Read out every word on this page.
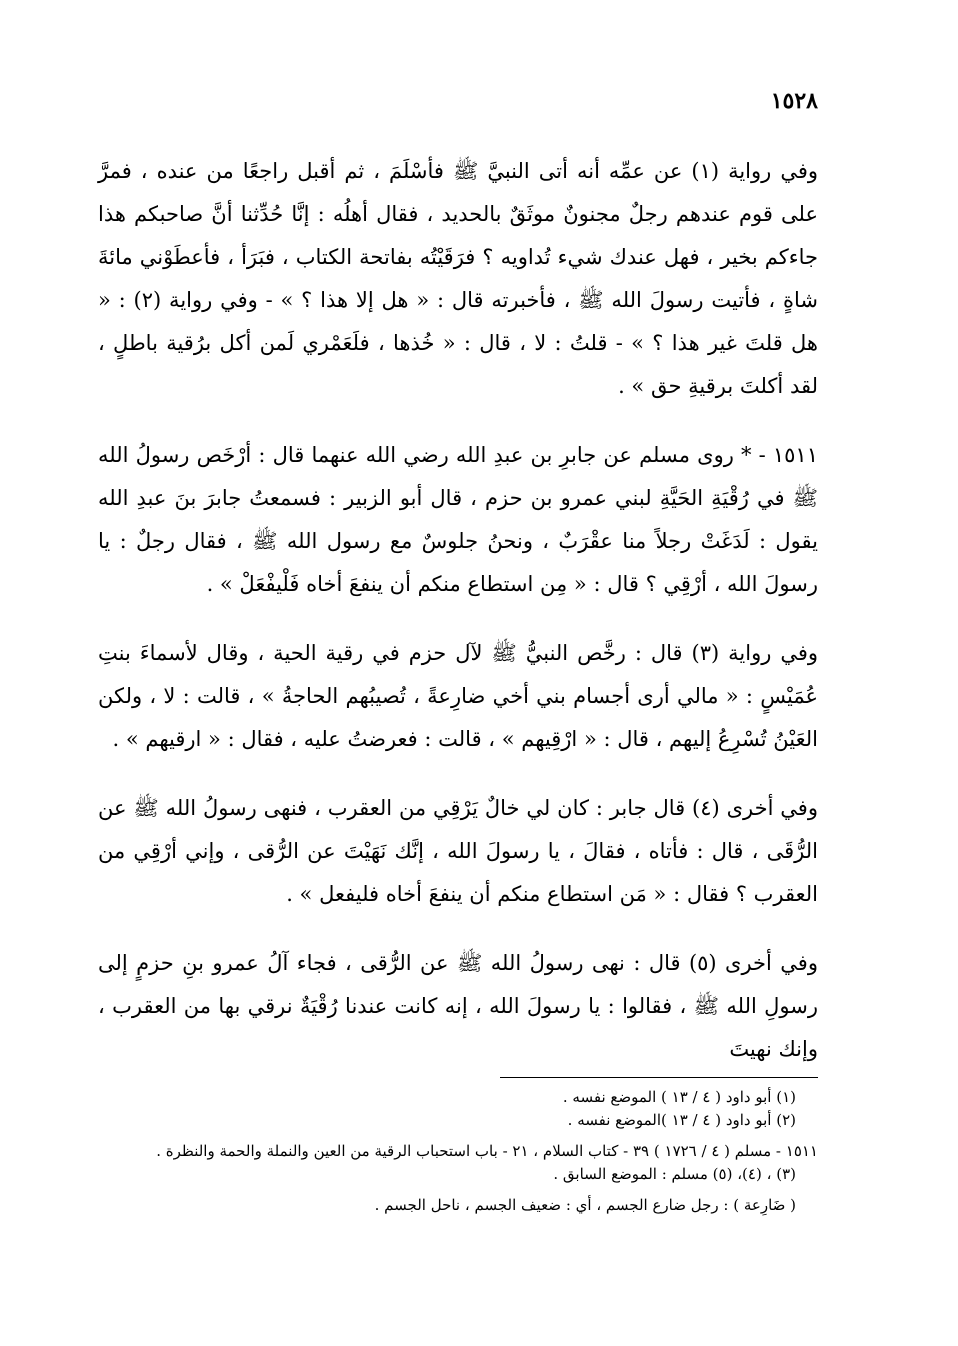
١٥٢٨

وفي رواية (١) عن عمِّه أنه أتى النبيَّ ﷺ فأسْلَمَ ، ثم أقبل راجعًا من عنده ، فمرَّ على قوم عندهم رجلٌ مجنونٌ موثَقٌ بالحديد ، فقال أهلُه : إنَّا حُدِّثنا أنَّ صاحبكم هذا جاءكم بخير ، فهل عندك شيء تُداويه ؟ فرَقَيْتُه بفاتحة الكتاب ، فبَرَأ ، فأعطَوْني مائةَ شاةٍ ، فأتيت رسولَ الله ﷺ ، فأخبرته قال : « هل إلا هذا ؟ » - وفي رواية (٢) : « هل قلتَ غير هذا ؟ » - قلتُ : لا ، قال : « خُذها ، فلَعَمْري لَمن أكل برُقية باطلٍ ، لقد أكلتَ برقيةِ حق » .

١٥١١ - * روى مسلم عن جابرِ بن عبدِ الله رضي الله عنهما قال : أرْخَص رسولُ الله ﷺ في رُقْيَةِ الحَيَّةِ لبني عمرو بن حزم ، قال أبو الزبير : فسمعتُ جابرَ بنَ عبدِ الله يقول : لَدَغَتْ رجلاً منا عقْرَبٌ ، ونحنُ جلوسٌ مع رسول الله ﷺ ، فقال رجلٌ : يا رسولَ الله ، أرْقِي ؟ قال : « مِن استطاع منكم أن ينفعَ أخاه فَلْيفْعَلْ » .

وفي رواية (٣) قال : رخَّص النبيُّ ﷺ لآل حزم في رقية الحية ، وقال لأسماءَ بنتِ عُمَيْسٍ : « مالي أرى أجسام بني أخي ضارِعةً ، تُصيبُهم الحاجةُ » ، قالت : لا ، ولكن العَيْنُ تُسْرِعُ إليهم ، قال : « ارْقِيهم » ، قالت : فعرضتُ عليه ، فقال : « ارقيهم » .

وفي أخرى (٤) قال جابر : كان لي خالٌ يَرْقِي من العقرب ، فنهى رسولُ الله ﷺ عن الرُّقَى ، قال : فأتاه ، فقالَ ، يا رسولَ الله ، إنَّك نَهَيْتَ عن الرُّقى ، وإني أرْقِي من العقرب ؟ فقال : « مَن استطاع منكم أن ينفعَ أخاه فليفعل » .

وفي أخرى (٥) قال : نهى رسولُ الله ﷺ عن الرُّقى ، فجاء آلُ عمرو بنِ حزمٍ إلى رسولِ الله ﷺ ، فقالوا : يا رسولَ الله ، إنه كانت عندنا رُقْيَةٌ نرقي بها من العقرب ، وإنك نهيتَ

(١) أبو داود ( ٤ / ١٣ ) الموضع نفسه .

(٢) أبو داود ( ٤ / ١٣ )الموضع نفسه .

١٥١١ - مسلم ( ٤ / ١٧٢٦ ) ٣٩ - كتاب السلام ، ٢١ - باب استحباب الرقية من العين والنملة والحمة والنظرة .

(٣) ، (٤)، (٥) مسلم : الموضع السابق .

( ضَارِعة ) : رجل ضارع الجسم ، أي : ضعيف الجسم ، ناحل الجسم .
